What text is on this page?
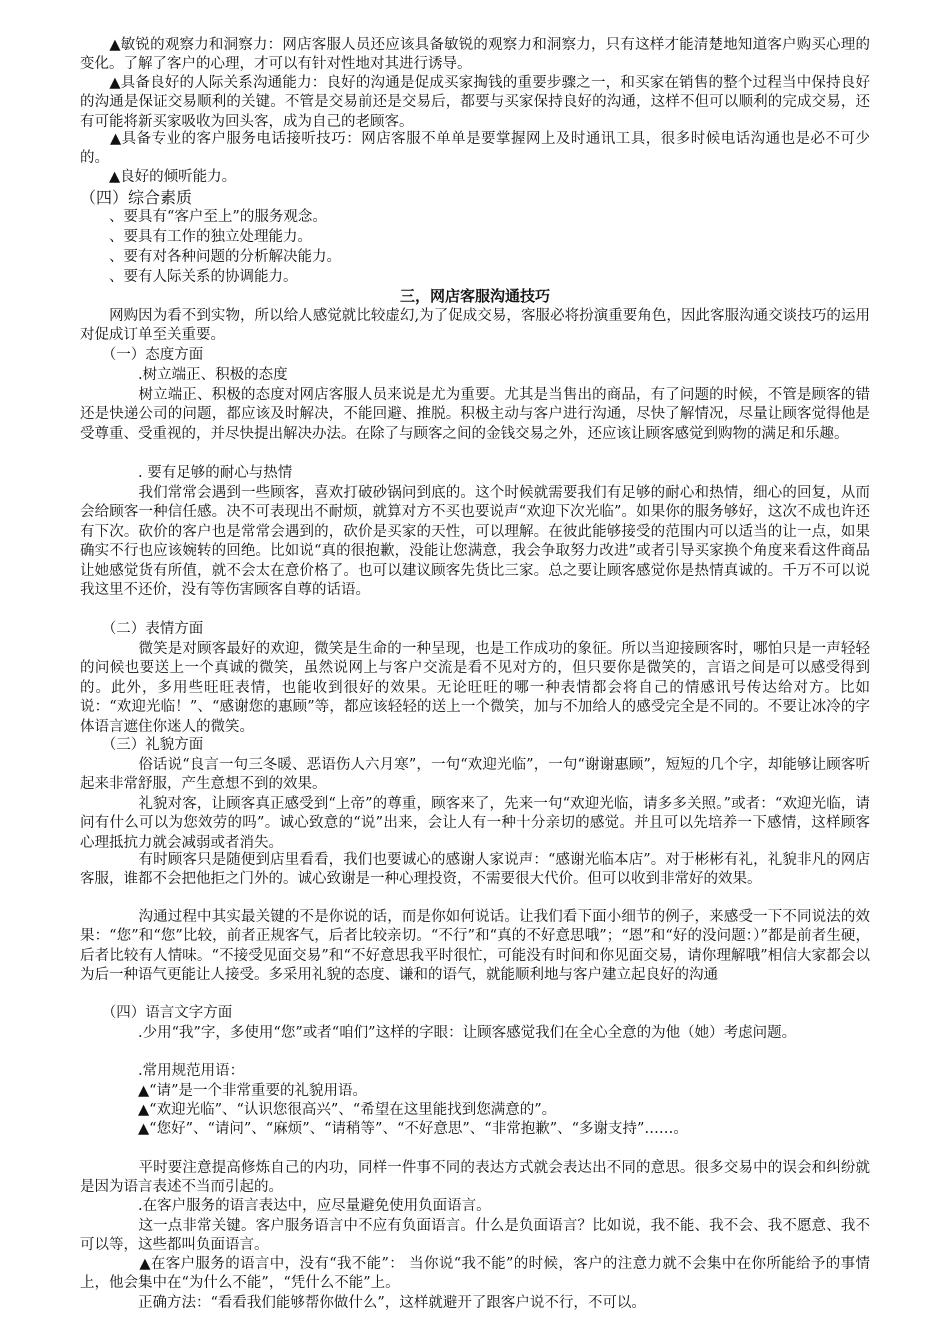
　　▲敏锐的观察力和洞察力：网店客服人员还应该具备敏锐的观察力和洞察力，只有这样才能清楚地知道客户购买心理的变化。了解了客户的心理，才可以有针对性地对其进行诱导。

　　▲具备良好的人际关系沟通能力：良好的沟通是促成买家掏钱的重要步骤之一，和买家在销售的整个过程当中保持良好的沟通是保证交易顺利的关键。不管是交易前还是交易后，都要与买家保持良好的沟通，这样不但可以顺利的完成交易，还有可能将新买家吸收为回头客，成为自己的老顾客。

　　▲具备专业的客户服务电话接听技巧：网店客服不单单是要掌握网上及时通讯工具，很多时候电话沟通也是必不可少的。

　　▲良好的倾听能力。

（四）综合素质

　　、要具有“客户至上”的服务观念。

　　、要具有工作的独立处理能力。

　　、要有对各种问题的分析解决能力。

　　、要有人际关系的协调能力。

三，网店客服沟通技巧

　　网购因为看不到实物，所以给人感觉就比较虚幻,为了促成交易，客服必将扮演重要角色，因此客服沟通交谈技巧的运用对促成订单至关重要。

　　（一）态度方面

　　　　.树立端正、积极的态度

　　　　树立端正、积极的态度对网店客服人员来说是尤为重要。尤其是当售出的商品，有了问题的时候，不管是顾客的错还是快递公司的问题，都应该及时解决，不能回避、推脱。积极主动与客户进行沟通，尽快了解情况，尽量让顾客觉得他是受尊重、受重视的，并尽快提出解决办法。在除了与顾客之间的金钱交易之外，还应该让顾客感觉到购物的满足和乐趣。

　　　　. 要有足够的耐心与热情

　　　　我们常常会遇到一些顾客，喜欢打破砂锅问到底的。这个时候就需要我们有足够的耐心和热情，细心的回复，从而会给顾客一种信任感。决不可表现出不耐烦，就算对方不买也要说声“欢迎下次光临”。如果你的服务够好，这次不成也许还有下次。砍价的客户也是常常会遇到的，砍价是买家的天性，可以理解。在彼此能够接受的范围内可以适当的让一点，如果确实不行也应该婉转的回绝。比如说“真的很抱歉，没能让您满意，我会争取努力改进”或者引导买家换个角度来看这件商品让她感觉货有所值，就不会太在意价格了。也可以建议顾客先货比三家。总之要让顾客感觉你是热情真诚的。千万不可以说我这里不还价，没有等伤害顾客自尊的话语。

　　（二）表情方面

　　　　微笑是对顾客最好的欢迎，微笑是生命的一种呈现，也是工作成功的象征。所以当迎接顾客时，哪怕只是一声轻轻的问候也要送上一个真诚的微笑，虽然说网上与客户交流是看不见对方的，但只要你是微笑的，言语之间是可以感受得到的。此外，多用些旺旺表情，也能收到很好的效果。无论旺旺的哪一种表情都会将自己的情感讯号传达给对方。比如说：“欢迎光临！”、“感谢您的惠顾”等，都应该轻轻的送上一个微笑，加与不加给人的感受完全是不同的。不要让冰冷的字体语言遮住你迷人的微笑。

　　（三）礼貌方面

　　　　俗话说“良言一句三冬暖、恶语伤人六月寒”，一句“欢迎光临”，一句“谢谢惠顾”，短短的几个字，却能够让顾客听起来非常舒服，产生意想不到的效果。

　　　　礼貌对客，让顾客真正感受到“上帝”的尊重，顾客来了，先来一句“欢迎光临，请多多关照。”或者：“欢迎光临，请问有什么可以为您效劳的吗”。诚心致意的“说”出来，会让人有一种十分亲切的感觉。并且可以先培养一下感情，这样顾客心理抵抗力就会减弱或者消失。

　　　　有时顾客只是随便到店里看看，我们也要诚心的感谢人家说声：“感谢光临本店”。对于彬彬有礼，礼貌非凡的网店客服，谁都不会把他拒之门外的。诚心致谢是一种心理投资，不需要很大代价。但可以收到非常好的效果。

　　　　沟通过程中其实最关键的不是你说的话，而是你如何说话。让我们看下面小细节的例子，来感受一下不同说法的效果：“您”和“您”比较，前者正规客气，后者比较亲切。“不行”和“真的不好意思哦”；“恩”和“好的没问题：）”都是前者生硬，后者比较有人情味。“不接受见面交易”和“不好意思我平时很忙，可能没有时间和你见面交易，请你理解哦”相信大家都会以为后一种语气更能让人接受。多采用礼貌的态度、谦和的语气，就能顺利地与客户建立起良好的沟通

　　（四）语言文字方面

　　　　.少用“我”字，多使用“您”或者“咱们”这样的字眼：让顾客感觉我们在全心全意的为他（她）考虑问题。

　　　　.常用规范用语：

　　　　▲“请”是一个非常重要的礼貌用语。

　　　　▲“欢迎光临”、“认识您很高兴”、“希望在这里能找到您满意的”。

　　　　▲“您好”、“请问”、“麻烦”、“请稍等”、“不好意思”、“非常抱歉”、“多谢支持”……。

　　　　平时要注意提高修炼自己的内功，同样一件事不同的表达方式就会表达出不同的意思。很多交易中的误会和纠纷就是因为语言表述不当而引起的。

　　　　.在客户服务的语言表达中，应尽量避免使用负面语言。

　　　　这一点非常关键。客户服务语言中不应有负面语言。什么是负面语言？比如说，我不能、我不会、我不愿意、我不可以等，这些都叫负面语言。

　　　　▲在客户服务的语言中，没有“我不能”： 当你说“我不能”的时候，客户的注意力就不会集中在你所能给予的事情上，他会集中在“为什么不能”，“凭什么不能”上。

　　　　正确方法：“看看我们能够帮你做什么”，这样就避开了跟客户说不行，不可以。
